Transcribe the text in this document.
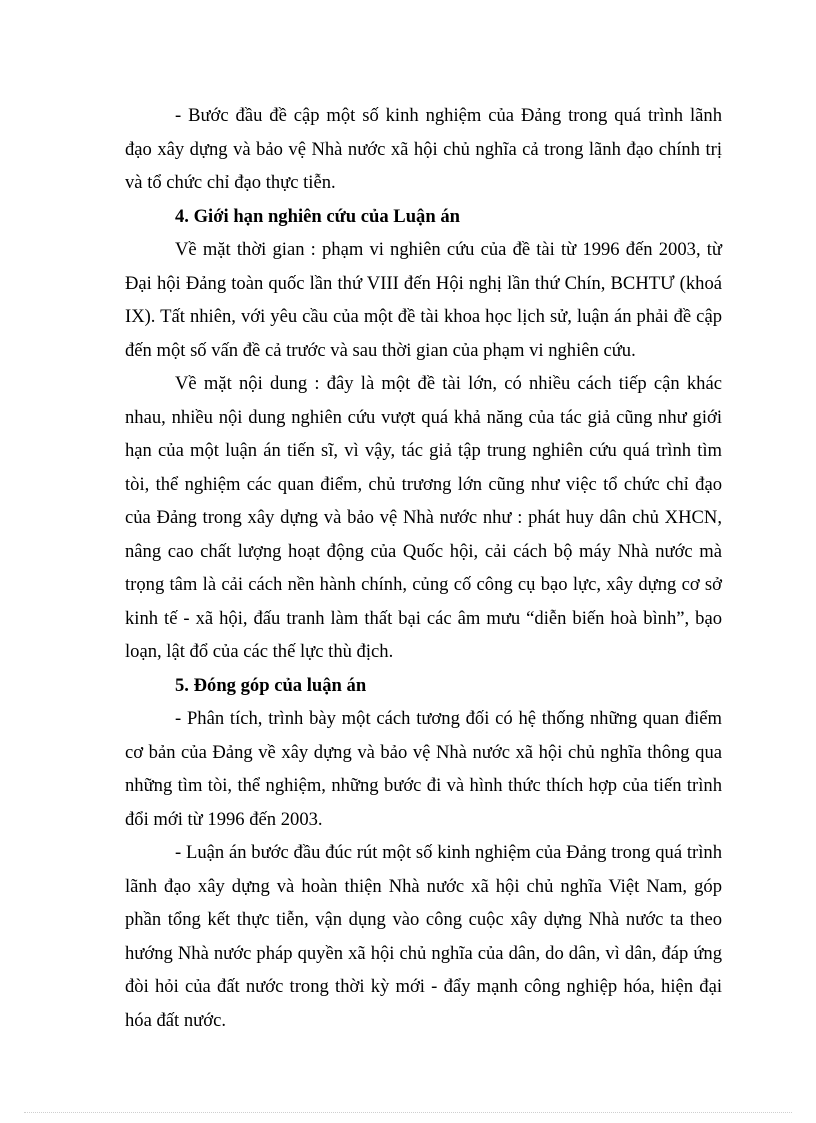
- Bước đầu đề cập một số kinh nghiệm của Đảng trong quá trình lãnh đạo xây dựng và bảo vệ Nhà nước xã hội chủ nghĩa cả trong lãnh đạo chính trị và tổ chức chỉ đạo thực tiễn.

4. Giới hạn nghiên cứu của Luận án

Về mặt thời gian : phạm vi nghiên cứu của đề tài từ 1996 đến 2003, từ Đại hội Đảng toàn quốc lần thứ VIII đến Hội nghị lần thứ Chín, BCHTƯ (khoá IX). Tất nhiên, với yêu cầu của một đề tài khoa học lịch sử, luận án phải đề cập đến một số vấn đề cả trước và sau thời gian của phạm vi nghiên cứu.

Về mặt nội dung : đây là một đề tài lớn, có nhiều cách tiếp cận khác nhau, nhiều nội dung nghiên cứu vượt quá khả năng của tác giả cũng như giới hạn của một luận án tiến sĩ, vì vậy, tác giả tập trung nghiên cứu quá trình tìm tòi, thể nghiệm các quan điểm, chủ trương lớn cũng như việc tổ chức chỉ đạo của Đảng trong xây dựng và bảo vệ Nhà nước như : phát huy dân chủ XHCN, nâng cao chất lượng hoạt động của Quốc hội, cải cách bộ máy Nhà nước mà trọng tâm là cải cách nền hành chính, củng cố công cụ bạo lực, xây dựng cơ sở kinh tế - xã hội, đấu tranh làm thất bại các âm mưu “diễn biến hoà bình”, bạo loạn, lật đổ của các thế lực thù địch.

5. Đóng góp của luận án

- Phân tích, trình bày một cách tương đối có hệ thống những quan điểm cơ bản của Đảng về xây dựng và bảo vệ Nhà nước xã hội chủ nghĩa thông qua những tìm tòi, thể nghiệm, những bước đi và hình thức thích hợp của tiến trình đổi mới từ 1996 đến 2003.

- Luận án bước đầu đúc rút một số kinh nghiệm của Đảng trong quá trình lãnh đạo xây dựng và hoàn thiện Nhà nước xã hội chủ nghĩa Việt Nam, góp phần tổng kết thực tiễn, vận dụng vào công cuộc xây dựng Nhà nước ta theo hướng Nhà nước pháp quyền xã hội chủ nghĩa của dân, do dân, vì dân, đáp ứng đòi hỏi của đất nước trong thời kỳ mới - đẩy mạnh công nghiệp hóa, hiện đại hóa đất nước.
